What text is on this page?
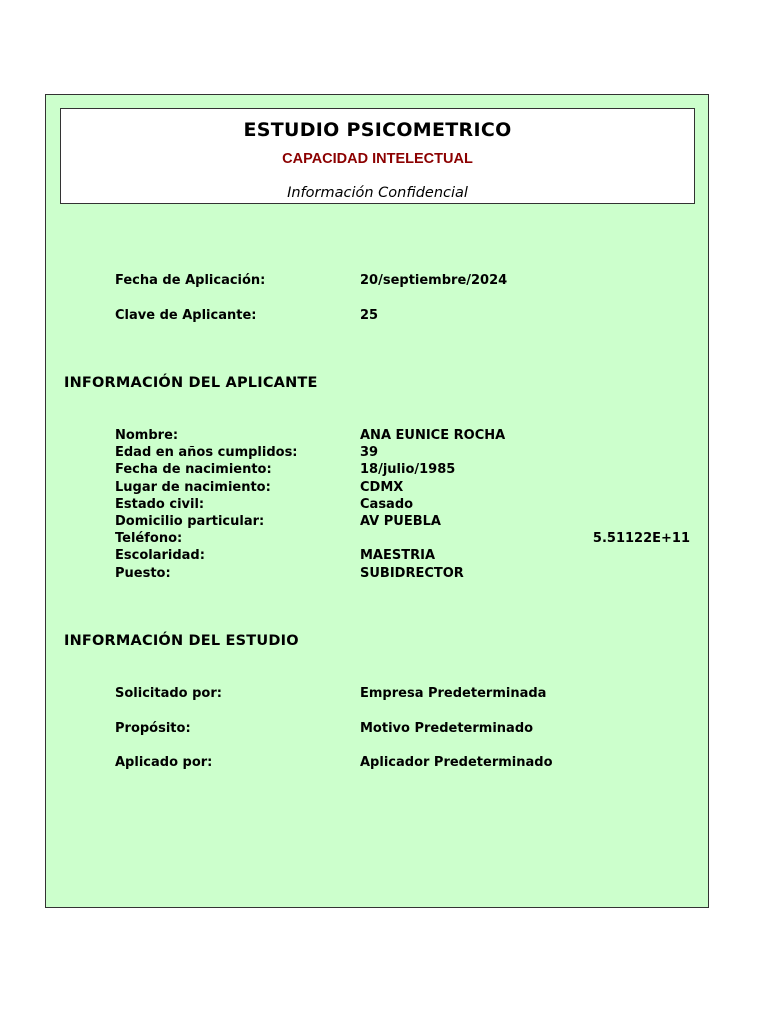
ESTUDIO PSICOMETRICO
CAPACIDAD INTELECTUAL
Información Confidencial
Fecha de Aplicación:	20/septiembre/2024
Clave de Aplicante:	25
INFORMACIÓN DEL APLICANTE
Nombre:	ANA EUNICE ROCHA
Edad en años cumplidos:	39
Fecha de nacimiento:	18/julio/1985
Lugar de nacimiento:	CDMX
Estado civil:	Casado
Domicilio particular:	AV PUEBLA
Teléfono:	5.51122E+11
Escolaridad:	MAESTRIA
Puesto:	SUBIDRECTOR
INFORMACIÓN DEL ESTUDIO
Solicitado por:	Empresa Predeterminada
Propósito:	Motivo Predeterminado
Aplicado por:	Aplicador Predeterminado
